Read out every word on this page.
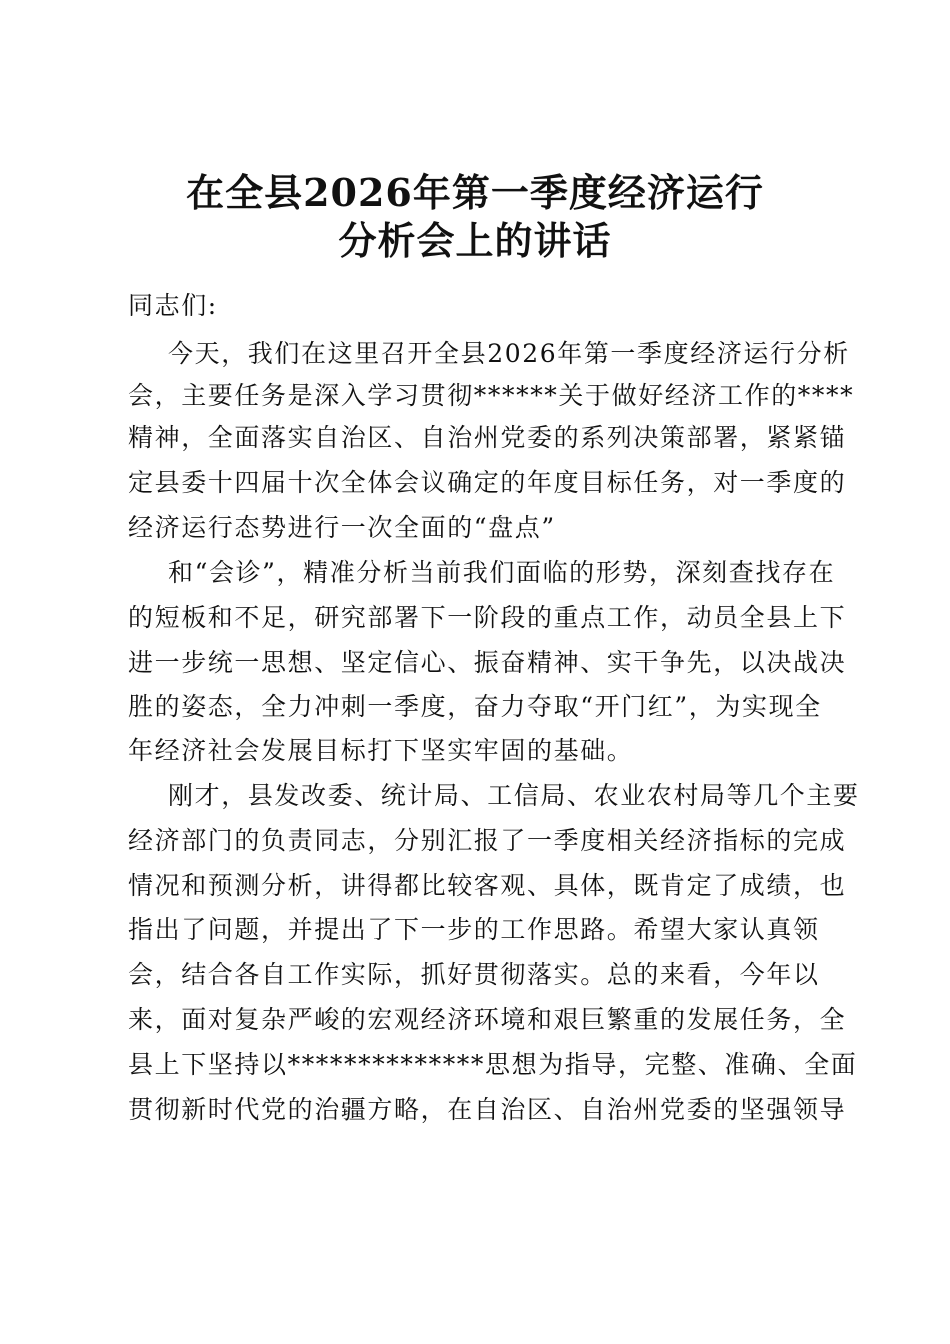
在全县2026年第一季度经济运行
分析会上的讲话
同志们:
今天，我们在这里召开全县2026年第一季度经济运行分析
会，主要任务是深入学习贯彻******关于做好经济工作的****
精神，全面落实自治区、自治州党委的系列决策部署，紧紧锚
定县委十四届十次全体会议确定的年度目标任务，对一季度的
经济运行态势进行一次全面的“盘点”
和“会诊”，精准分析当前我们面临的形势，深刻查找存在
的短板和不足，研究部署下一阶段的重点工作，动员全县上下
进一步统一思想、坚定信心、振奋精神、实干争先，以决战决
胜的姿态，全力冲刺一季度，奋力夺取“开门红”，为实现全
年经济社会发展目标打下坚实牢固的基础。
刚才，县发改委、统计局、工信局、农业农村局等几个主要
经济部门的负责同志，分别汇报了一季度相关经济指标的完成
情况和预测分析，讲得都比较客观、具体，既肯定了成绩，也
指出了问题，并提出了下一步的工作思路。希望大家认真领
会，结合各自工作实际，抓好贯彻落实。总的来看，今年以
来，面对复杂严峻的宏观经济环境和艰巨繁重的发展任务，全
县上下坚持以**************思想为指导，完整、准确、全面
贯彻新时代党的治疆方略，在自治区、自治州党委的坚强领导
